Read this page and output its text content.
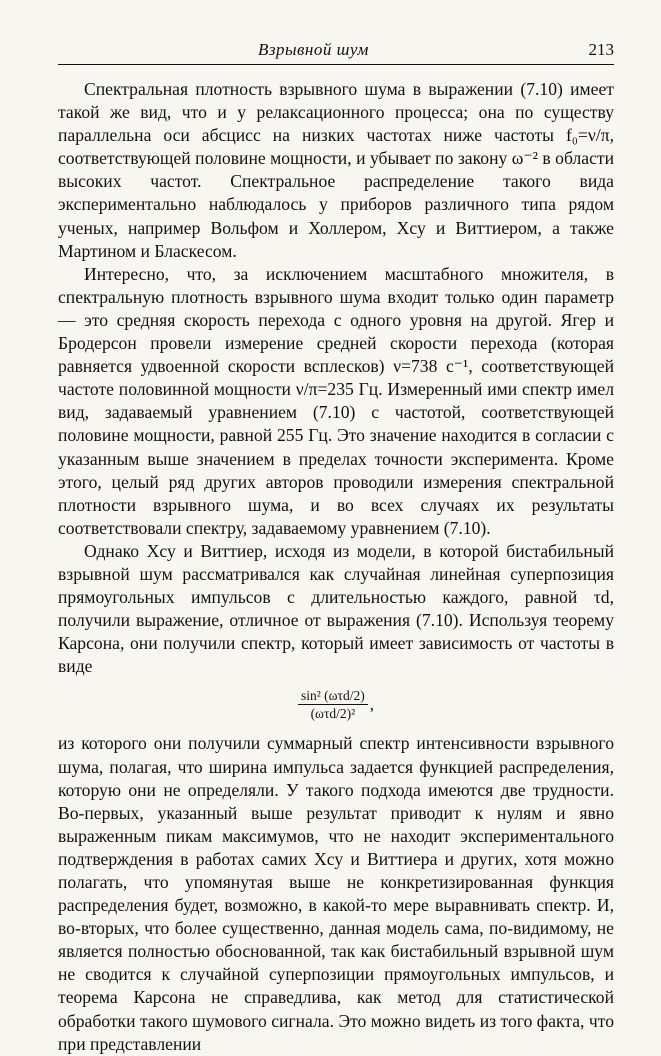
Взрывной шум	213

Спектральная плотность взрывного шума в выражении (7.10) имеет такой же вид, что и у релаксационного процесса; она по существу параллельна оси абсцисс на низких частотах ниже частоты f₀=ν/π, соответствующей половине мощности, и убывает по закону ω⁻² в области высоких частот. Спектральное распределение такого вида экспериментально наблюдалось у приборов различного типа рядом ученых, например Вольфом и Холлером, Хсу и Виттиером, а также Мартином и Бласкесом.

Интересно, что, за исключением масштабного множителя, в спектральную плотность взрывного шума входит только один параметр — это средняя скорость перехода с одного уровня на другой. Ягер и Бродерсон провели измерение средней скорости перехода (которая равняется удвоенной скорости всплесков) ν=738 с⁻¹, соответствующей частоте половинной мощности ν/π=235 Гц. Измеренный ими спектр имел вид, задаваемый уравнением (7.10) с частотой, соответствующей половине мощности, равной 255 Гц. Это значение находится в согласии с указанным выше значением в пределах точности эксперимента. Кроме этого, целый ряд других авторов проводили измерения спектральной плотности взрывного шума, и во всех случаях их результаты соответствовали спектру, задаваемому уравнением (7.10).

Однако Хсу и Виттиер, исходя из модели, в которой бистабильный взрывной шум рассматривался как случайная линейная суперпозиция прямоугольных импульсов с длительностью каждого, равной τd, получили выражение, отличное от выражения (7.10). Используя теорему Карсона, они получили спектр, который имеет зависимость от частоты в виде

$\frac{\text{sin² (ωτd/2)}}{\text{(ωτd/2)²}}$ ,

из которого они получили суммарный спектр интенсивности взрывного шума, полагая, что ширина импульса задается функцией распределения, которую они не определяли. У такого подхода имеются две трудности. Во-первых, указанный выше результат приводит к нулям и явно выраженным пикам максимумов, что не находит экспериментального подтверждения в работах самих Хсу и Виттиера и других, хотя можно полагать, что упомянутая выше не конкретизированная функция распределения будет, возможно, в какой-то мере выравнивать спектр. И, во-вторых, что более существенно, данная модель сама, по-видимому, не является полностью обоснованной, так как бистабильный взрывной шум не сводится к случайной суперпозиции прямоугольных импульсов, и теорема Карсона не справедлива, как метод для статистической обработки такого шумового сигнала. Это можно видеть из того факта, что при представлении
